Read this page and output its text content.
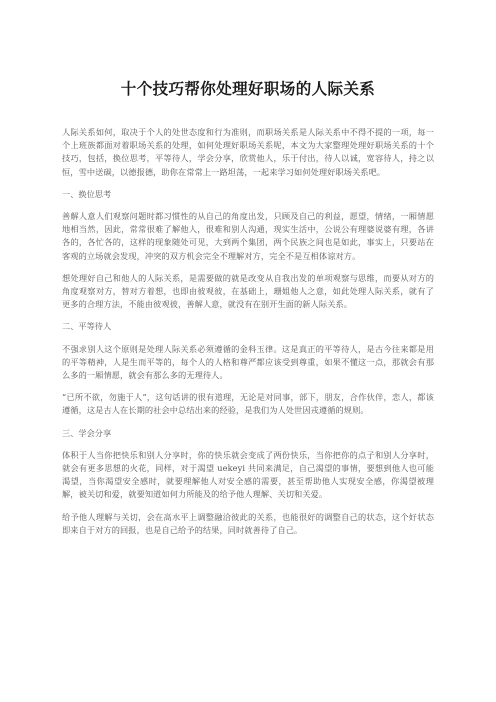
十个技巧帮你处理好职场的人际关系

人际关系如何，取决于个人的处世态度和行为准则，而职场关系是人际关系中不得不提的一项，每一个上班族都面对着职场关系的处理，如何处理好职场关系呢，本文为大家整理处理好职场关系的十个技巧，包括，换位思考，平等待人，学会分享，欣赏他人，乐于付出，待人以诚，宽容待人，持之以恒，雪中送碳，以德报德，助你在常常上一路坦荡，一起来学习如何处理好职场关系吧。

一、换位思考

善解人意人们观察问题时都习惯性的从自己的角度出发，只顾及自己的利益，愿望，情绪，一厢情愿地相当然，因此，常常很难了解他人，很难和别人沟通，现实生活中，公说公有理婆说婆有理，各讲各的，各忙各的，这样的现象随处可见，大到两个集团，两个民族之间也是如此，事实上，只要站在客观的立场就会发现，冲突的双方机会完全不理解对方，完全不是互相体谅对方。

想处理好自己和他人的人际关系，是需要做的就是改变从自我出发的单项观察与思维，而要从对方的角度观察对方，替对方着想，也即由彼观彼，在基础上，珊姐他人之意，如此处理人际关系，就有了更多的合理方法，不能由彼观彼，善解人意，就没有在别开生面的新人际关系。

二、平等待人

不强求别人这个原则是处理人际关系必须遵循的金科玉律。这是真正的平等待人，是古今往来都是用的平等精神，人是生而平等的，每个人的人格和尊严都应该受到尊重，如果不懂这一点，那就会有那么多的一厢情愿，就会有那么多的无理待人。

“已所不欲，勿施于人”，这句话讲的很有道理，无论是对同事，部下，朋友，合作伙伴，恋人，都该遵循，这是古人在长期的社会中总结出来的经验，是我们为人处世因戎遵循的规则。

三、学会分享

体积于人当你把快乐和别人分享时，你的快乐就会变成了两份快乐，当你把你的点子和别人分享时，就会有更多思想的火花，同样，对于渴望 uekeyi 共同来满足，自己渴望的事情，要想到他人也可能渴望，当你渴望安全感时，就要理解他人对安全感的需要，甚至帮助他人实现安全感，你渴望被理解，被关切和爱，就要知道如何力所能及的给予他人理解、关切和关爱。

给予他人理解与关切，会在高水平上调整融洽彼此的关系，也能很好的调整自己的状态，这个好状态即来自于对方的回报，也是自己给予的结果，同时就善待了自己。
